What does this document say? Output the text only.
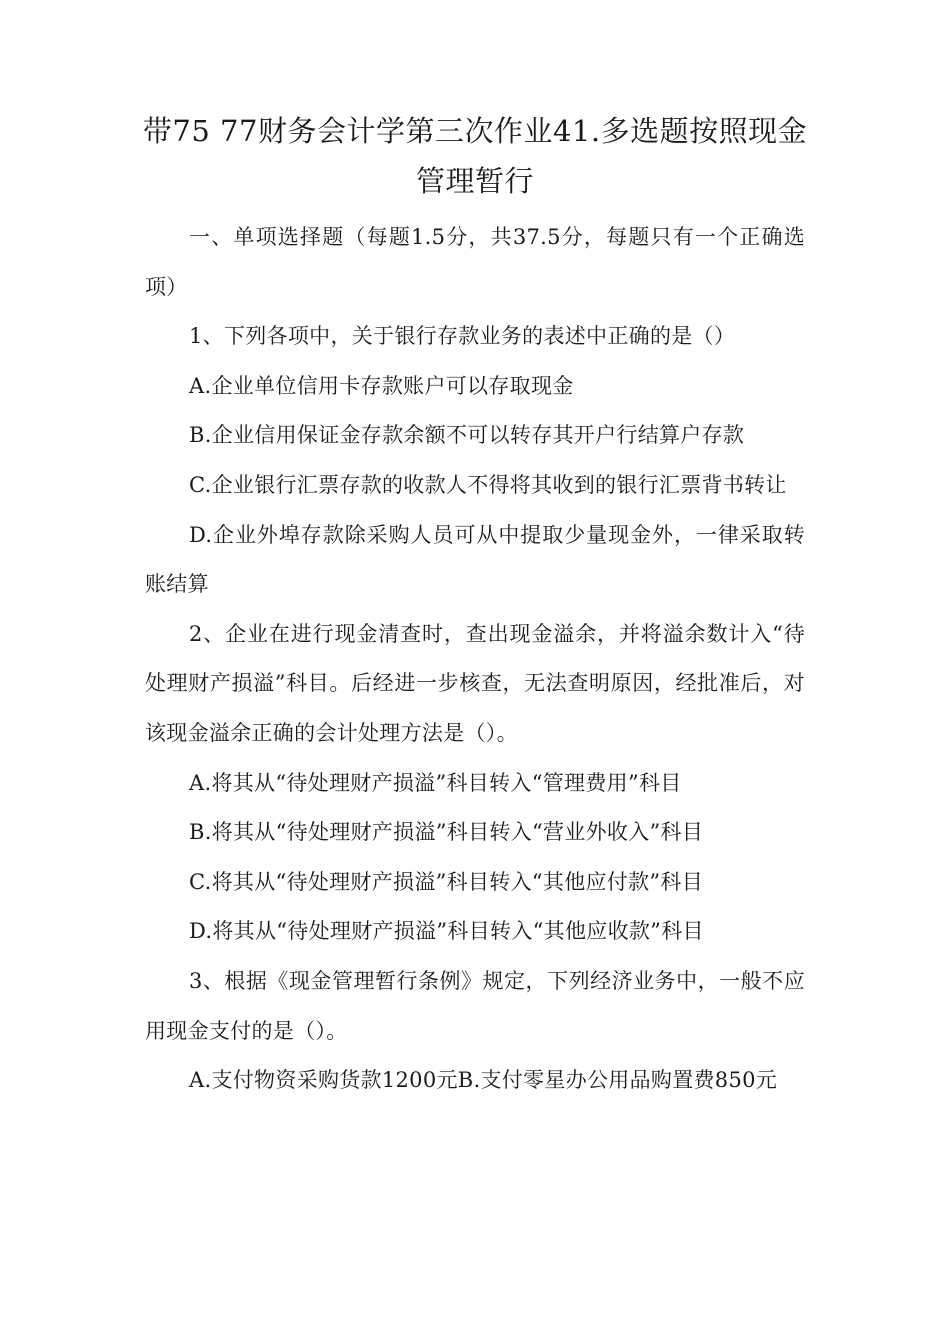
带75 77财务会计学第三次作业41.多选题按照现金管理暂行

一、单项选择题（每题1.5分，共37.5分，每题只有一个正确选项）

1、下列各项中，关于银行存款业务的表述中正确的是（）

A.企业单位信用卡存款账户可以存取现金

B.企业信用保证金存款余额不可以转存其开户行结算户存款

C.企业银行汇票存款的收款人不得将其收到的银行汇票背书转让

D.企业外埠存款除采购人员可从中提取少量现金外，一律采取转账结算

2、企业在进行现金清查时，查出现金溢余，并将溢余数计入“待处理财产损溢”科目。后经进一步核查，无法查明原因，经批准后，对该现金溢余正确的会计处理方法是（）。

A.将其从“待处理财产损溢”科目转入“管理费用”科目

B.将其从“待处理财产损溢”科目转入“营业外收入”科目

C.将其从“待处理财产损溢”科目转入“其他应付款”科目

D.将其从“待处理财产损溢”科目转入“其他应收款”科目

3、根据《现金管理暂行条例》规定，下列经济业务中，一般不应用现金支付的是（）。

A.支付物资采购货款1200元B.支付零星办公用品购置费850元
